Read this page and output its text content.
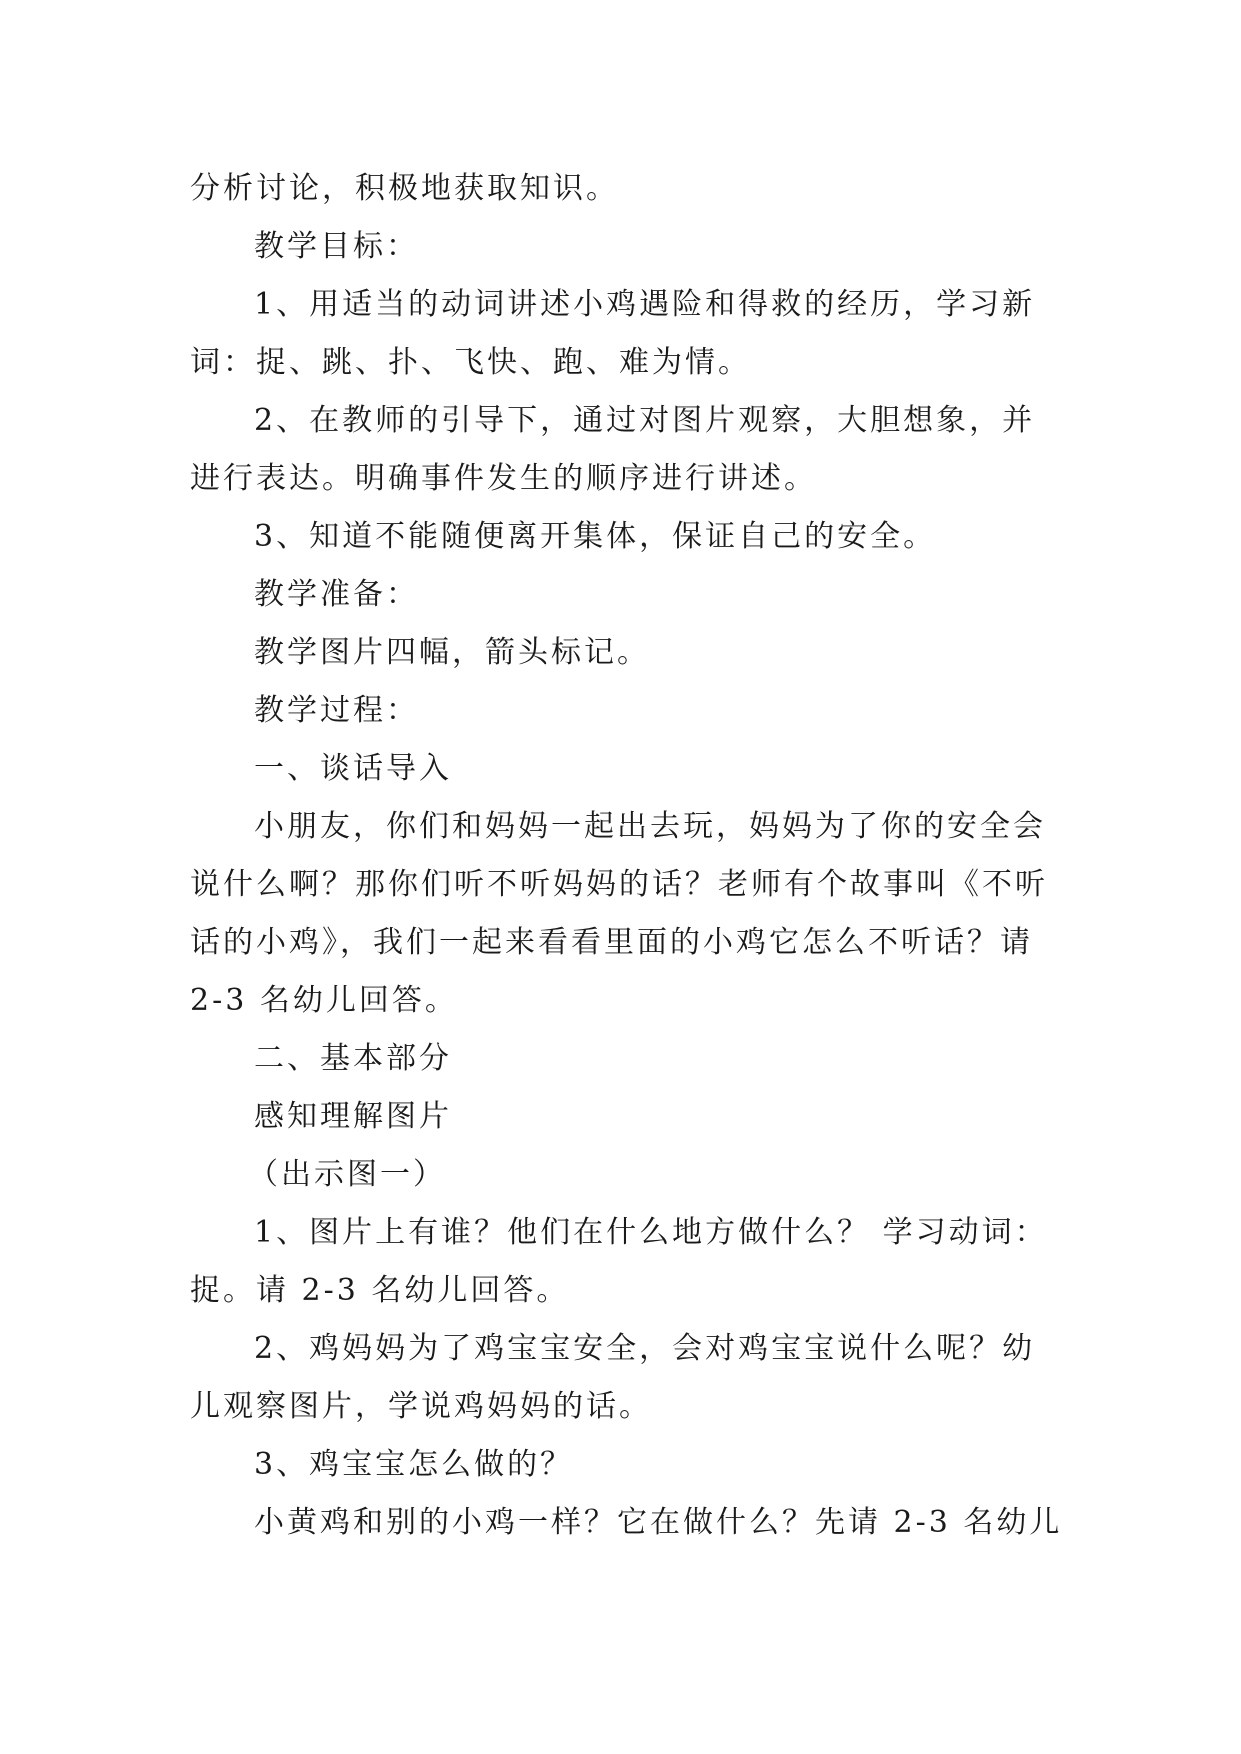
分析讨论，积极地获取知识。
教学目标：
1、用适当的动词讲述小鸡遇险和得救的经历，学习新
词：捉、跳、扑、飞快、跑、难为情。
2、在教师的引导下，通过对图片观察，大胆想象，并
进行表达。明确事件发生的顺序进行讲述。
3、知道不能随便离开集体，保证自己的安全。
教学准备：
教学图片四幅，箭头标记。
教学过程：
一、谈话导入
小朋友，你们和妈妈一起出去玩，妈妈为了你的安全会
说什么啊？那你们听不听妈妈的话？老师有个故事叫《不听
话的小鸡》，我们一起来看看里面的小鸡它怎么不听话？请
2-3 名幼儿回答。
二、基本部分
感知理解图片
（出示图一）
1、图片上有谁？他们在什么地方做什么？ 学习动词：
捉。请 2-3 名幼儿回答。
2、鸡妈妈为了鸡宝宝安全，会对鸡宝宝说什么呢？幼
儿观察图片，学说鸡妈妈的话。
3、鸡宝宝怎么做的？
小黄鸡和别的小鸡一样？它在做什么？先请 2-3 名幼儿
